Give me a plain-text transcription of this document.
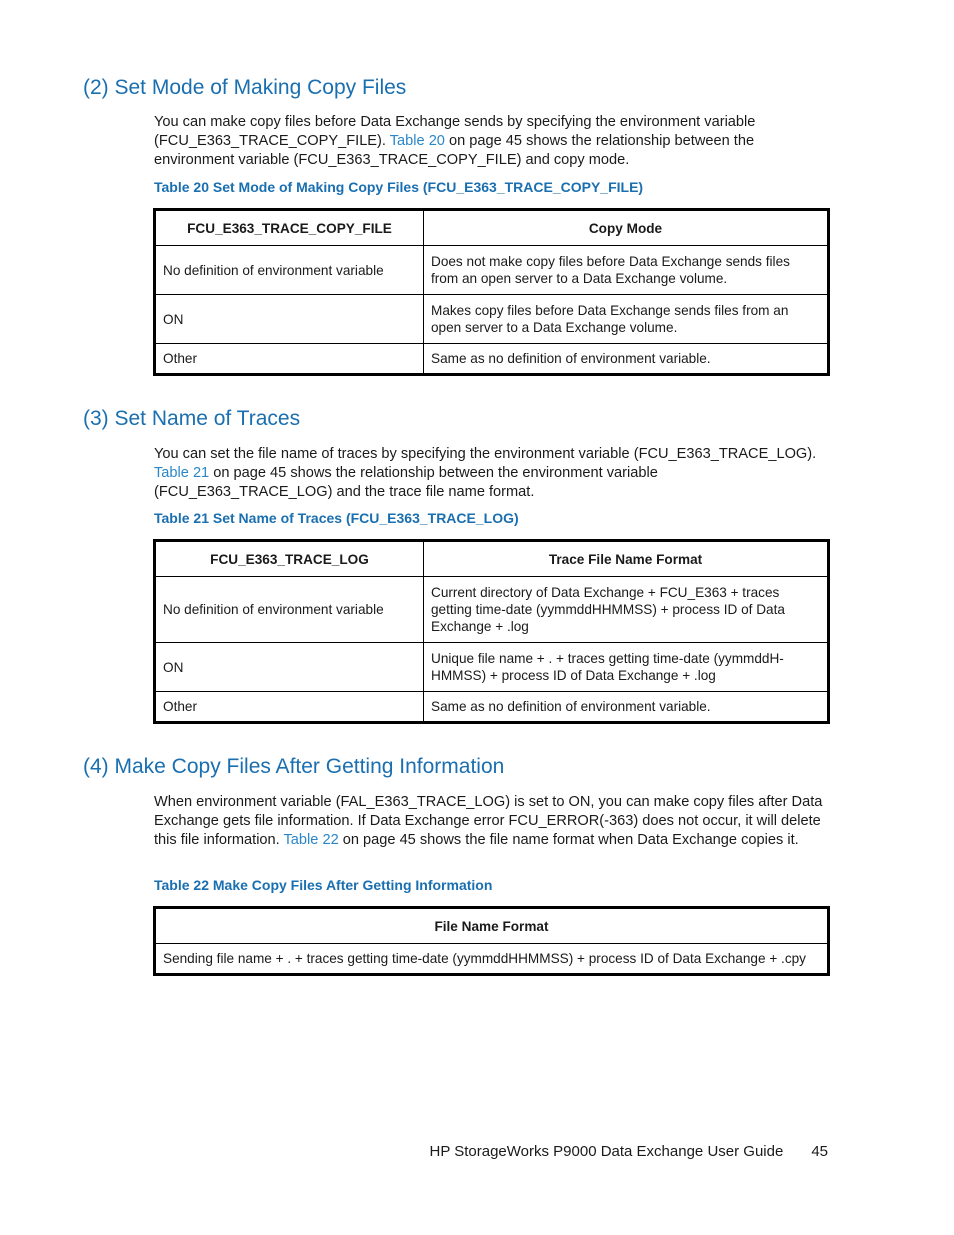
(2) Set Mode of Making Copy Files

You can make copy files before Data Exchange sends by specifying the environment variable (FCU_E363_TRACE_COPY_FILE). Table 20 on page 45 shows the relationship between the environment variable (FCU_E363_TRACE_COPY_FILE) and copy mode.

Table 20 Set Mode of Making Copy Files (FCU_E363_TRACE_COPY_FILE)

FCU_E363_TRACE_COPY_FILE	Copy Mode
No definition of environment variable	Does not make copy files before Data Exchange sends files from an open server to a Data Exchange volume.
ON	Makes copy files before Data Exchange sends files from an open server to a Data Exchange volume.
Other	Same as no definition of environment variable.
(3) Set Name of Traces

You can set the file name of traces by specifying the environment variable (FCU_E363_TRACE_LOG). Table 21 on page 45 shows the relationship between the environment variable (FCU_E363_TRACE_LOG) and the trace file name format.

Table 21 Set Name of Traces (FCU_E363_TRACE_LOG)

FCU_E363_TRACE_LOG	Trace File Name Format
No definition of environment variable	Current directory of Data Exchange + FCU_E363 + traces getting time-date (yymmddHHMMSS) + process ID of Data Exchange + .log
ON	Unique file name + . + traces getting time-date (yymmddH-HMMSS) + process ID of Data Exchange + .log
Other	Same as no definition of environment variable.
(4) Make Copy Files After Getting Information

When environment variable (FAL_E363_TRACE_LOG) is set to ON, you can make copy files after Data Exchange gets file information. If Data Exchange error FCU_ERROR(-363) does not occur, it will delete this file information. Table 22 on page 45 shows the file name format when Data Exchange copies it.

Table 22 Make Copy Files After Getting Information

File Name Format
Sending file name + . + traces getting time-date (yymmddHHMMSS) + process ID of Data Exchange + .cpy

HP StorageWorks P9000 Data Exchange User Guide 45
